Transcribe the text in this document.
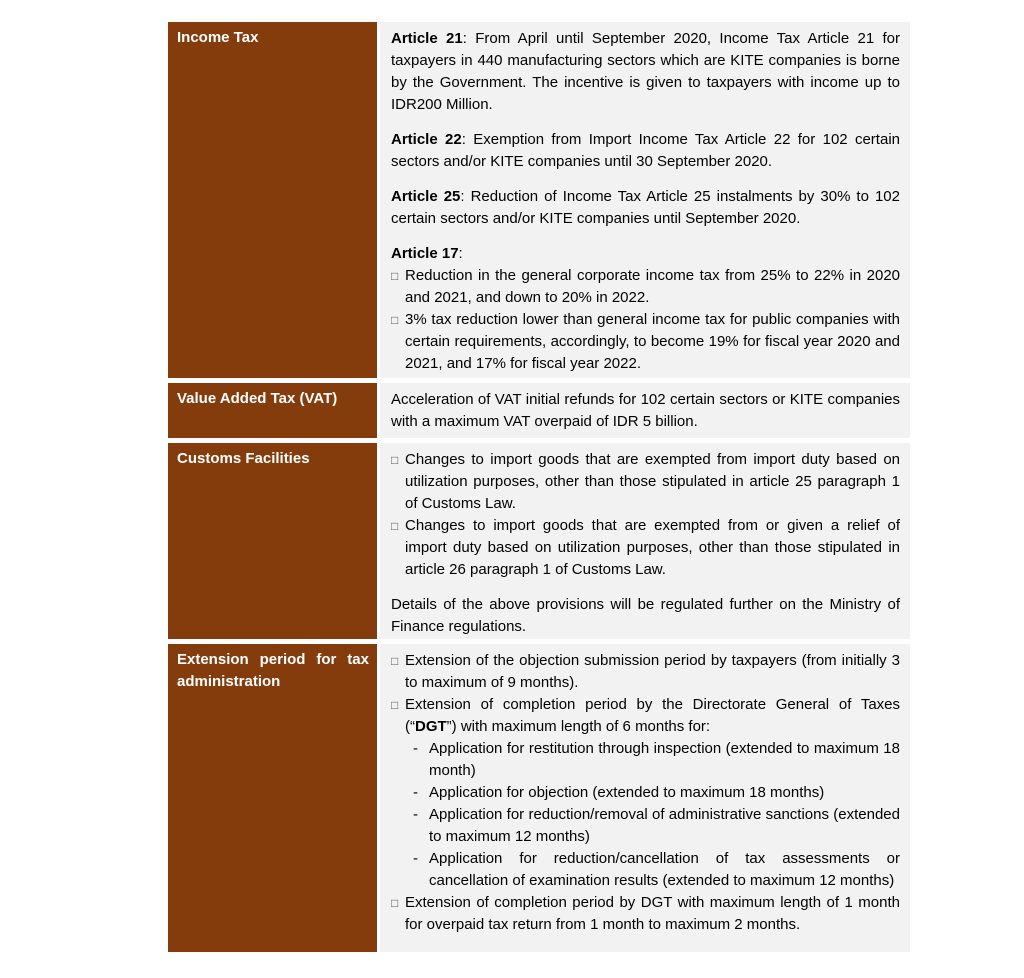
Income Tax	Article 21: From April until September 2020, Income Tax Article 21 for taxpayers in 440 manufacturing sectors which are KITE companies is borne by the Government. The incentive is given to taxpayers with income up to IDR200 Million.

Article 22: Exemption from Import Income Tax Article 22 for 102 certain sectors and/or KITE companies until 30 September 2020.

Article 25: Reduction of Income Tax Article 25 instalments by 30% to 102 certain sectors and/or KITE companies until September 2020.

Article 17:
□
Reduction in the general corporate income tax from 25% to 22% in 2020 and 2021, and down to 20% in 2022.
□
3% tax reduction lower than general income tax for public companies with certain requirements, accordingly, to become 19% for fiscal year 2020 and 2021, and 17% for fiscal year 2022.
Value Added Tax (VAT)	Acceleration of VAT initial refunds for 102 certain sectors or KITE companies with a maximum VAT overpaid of IDR 5 billion.
Customs Facilities
□	Changes to import goods that are exempted from import duty based on utilization purposes, other than those stipulated in article 25 paragraph 1 of Customs Law.
□
Changes to import goods that are exempted from or given a relief of import duty based on utilization purposes, other than those stipulated in article 26 paragraph 1 of Customs Law.
Details of the above provisions will be regulated further on the Ministry of Finance regulations.
Extension period for tax administration
□
Extension of the objection submission period by taxpayers (from initially 3 to maximum of 9 months).
□
Extension of completion period by the Directorate General of Taxes (“DGT”) with maximum length of 6 months for:
- Application for restitution through inspection (extended to maximum 18 month)
- Application for objection (extended to maximum 18 months)
- Application for reduction/removal of administrative sanctions (extended to maximum 12 months)
- Application for reduction/cancellation of tax assessments or cancellation of examination results (extended to maximum 12 months)
□
Extension of completion period by DGT with maximum length of 1 month for overpaid tax return from 1 month to maximum 2 months.
